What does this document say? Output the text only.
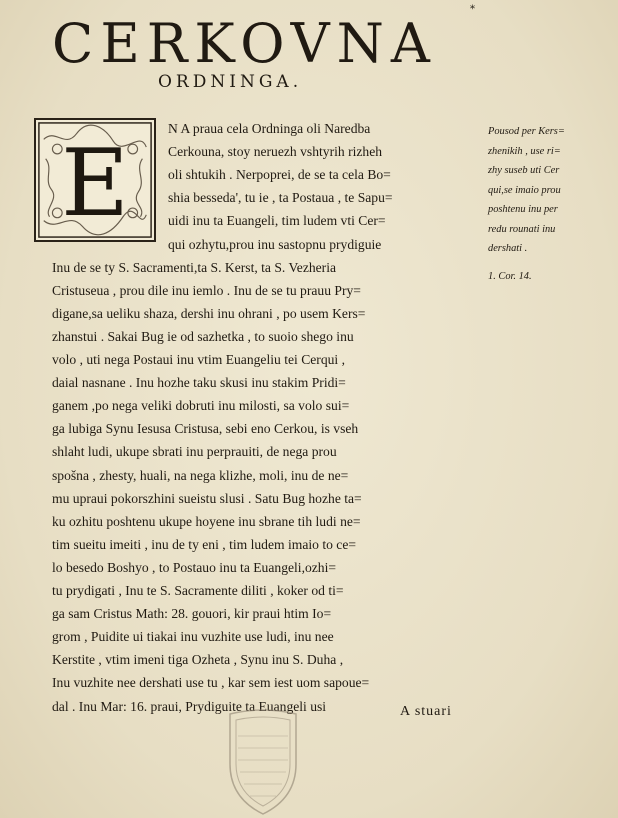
*
CERKOVNA
ORDNINGA.
E
N A praua cela Ordninga oli Naredba
Cerkouna, stoy neruezh vshtyrih rizheh
oli shtukih . Nerpoprei, de se ta cela Bo=
shia besseda', tu ie , ta Postaua , te Sapu=
uidi inu ta Euangeli, tim ludem vti Cer=
qui ozhytu,prou inu sastopnu prydiguie
Inu de se ty S. Sacramenti,ta S. Kerst, ta S. Vezheria
Cristuseua , prou dile inu iemlo . Inu de se tu prauu Pry=
digane,sa ueliku shaza, dershi inu ohrani , po usem Kers=
zhanstui . Sakai Bug ie od sazhetka , to suoio shego inu
volo , uti nega Postaui inu vtim Euangeliu tei Cerqui ,
daial nasnane . Inu hozhe taku skusi inu stakim Pridi=
ganem ,po nega veliki dobruti inu milosti, sa volo sui=
ga lubiga Synu Iesusa Cristusa, sebi eno Cerkou, is vseh
shlaht ludi, ukupe sbrati inu perprauiti, de nega prou
spošna , zhesty, huali, na nega klizhe, moli, inu de ne=
mu upraui pokorszhini sueistu slusi . Satu Bug hozhe ta=
ku ozhitu poshtenu ukupe hoyene inu sbrane tih ludi ne=
tim sueitu imeiti , inu de ty eni , tim ludem imaio to ce=
lo besedo Boshyo , to Postauo inu ta Euangeli,ozhi=
tu prydigati , Inu te S. Sacramente diliti , koker od ti=
ga sam Cristus Math: 28. gouori, kir praui htim Io=
grom , Puidite ui tiakai inu vuzhite use ludi, inu nee
Kerstite , vtim imeni tiga Ozheta , Synu inu S. Duha ,
Inu vuzhite nee dershati use tu , kar sem iest uom sapoue=
dal . Inu Mar: 16. praui, Prydiguite ta Euangeli usi
Pousod per Kers=
zhenikih , use ri=
zhy suseb uti Cer
qui,se imaio prou
poshtenu inu per
redu rounati inu
dershati .
1. Cor. 14.
A stuari
